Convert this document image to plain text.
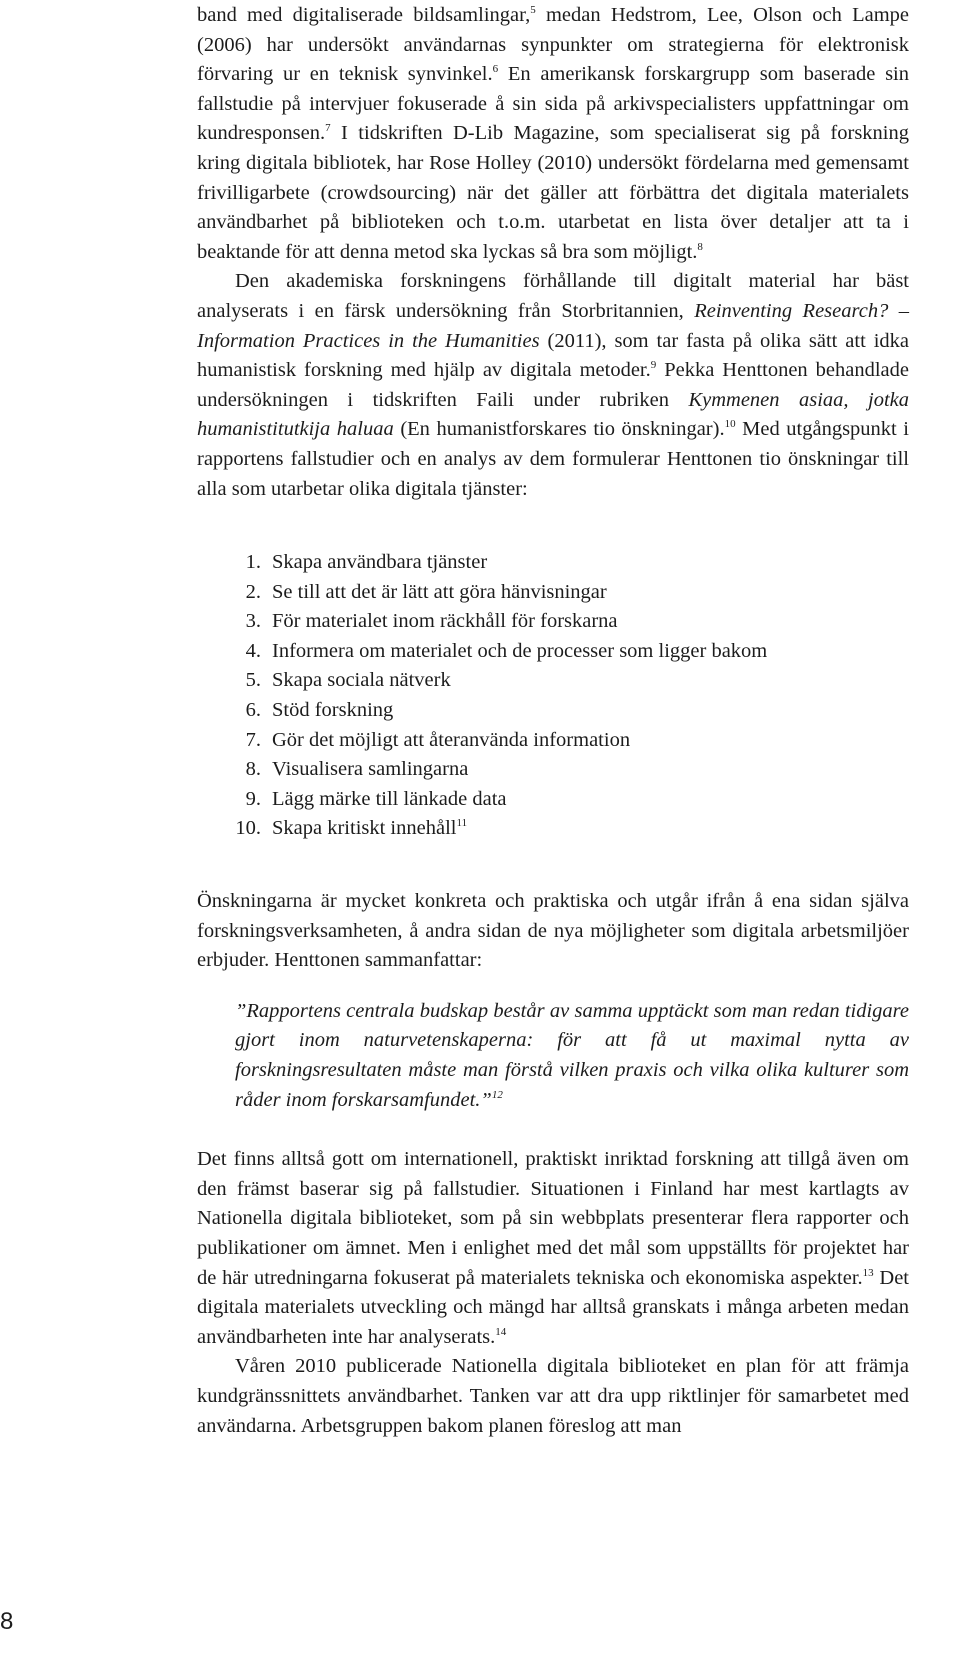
band med digitaliserade bildsamlingar,$^5$ medan Hedstrom, Lee, Olson och Lampe (2006) har undersökt användarnas synpunkter om strategierna för elektronisk förvaring ur en teknisk synvinkel.$^6$ En amerikansk forskargrupp som baserade sin fallstudie på intervjuer fokuserade å sin sida på arkivspecialisters uppfattningar om kundresponsen.$^7$ I tidskriften D-Lib Magazine, som specialiserat sig på forskning kring digitala bibliotek, har Rose Holley (2010) undersökt fördelarna med gemensamt frivilligarbete (crowdsourcing) när det gäller att förbättra det digitala materialets användbarhet på biblioteken och t.o.m. utarbetat en lista över detaljer att ta i beaktande för att denna metod ska lyckas så bra som möjligt.$^8$

Den akademiska forskningens förhållande till digitalt material har bäst analyserats i en färsk undersökning från Storbritannien, Reinventing Research? – Information Practices in the Humanities (2011), som tar fasta på olika sätt att idka humanistisk forskning med hjälp av digitala metoder.$^9$ Pekka Henttonen behandlade undersökningen i tidskriften Faili under rubriken Kymmenen asiaa, jotka humanistitutkija haluaa (En humanistforskares tio önskningar).$^{10}$ Med utgångspunkt i rapportens fallstudier och en analys av dem formulerar Henttonen tio önskningar till alla som utarbetar olika digitala tjänster:

1. Skapa användbara tjänster
2. Se till att det är lätt att göra hänvisningar
3. För materialet inom räckhåll för forskarna
4. Informera om materialet och de processer som ligger bakom
5. Skapa sociala nätverk
6. Stöd forskning
7. Gör det möjligt att återanvända information
8. Visualisera samlingarna
9. Lägg märke till länkade data
10. Skapa kritiskt innehåll$^{11}$

Önskningarna är mycket konkreta och praktiska och utgår ifrån å ena sidan själva forskningsverksamheten, å andra sidan de nya möjligheter som digitala arbetsmiljöer erbjuder. Henttonen sammanfattar:

”Rapportens centrala budskap består av samma upptäckt som man redan tidigare gjort inom naturvetenskaperna: för att få ut maximal nytta av forskningsresultaten måste man förstå vilken praxis och vilka olika kulturer som råder inom forskarsamfundet.”$^{12}$

Det finns alltså gott om internationell, praktiskt inriktad forskning att tillgå även om den främst baserar sig på fallstudier. Situationen i Finland har mest kartlagts av Nationella digitala biblioteket, som på sin webbplats presenterar flera rapporter och publikationer om ämnet. Men i enlighet med det mål som uppställts för projektet har de här utredningarna fokuserat på materialets tekniska och ekonomiska aspekter.$^{13}$ Det digitala materialets utveckling och mängd har alltså granskats i många arbeten medan användbarheten inte har analyserats.$^{14}$

Våren 2010 publicerade Nationella digitala biblioteket en plan för att främja kundgränssnittets användbarhet. Tanken var att dra upp riktlinjer för samarbetet med användarna. Arbetsgruppen bakom planen föreslog att man

8
